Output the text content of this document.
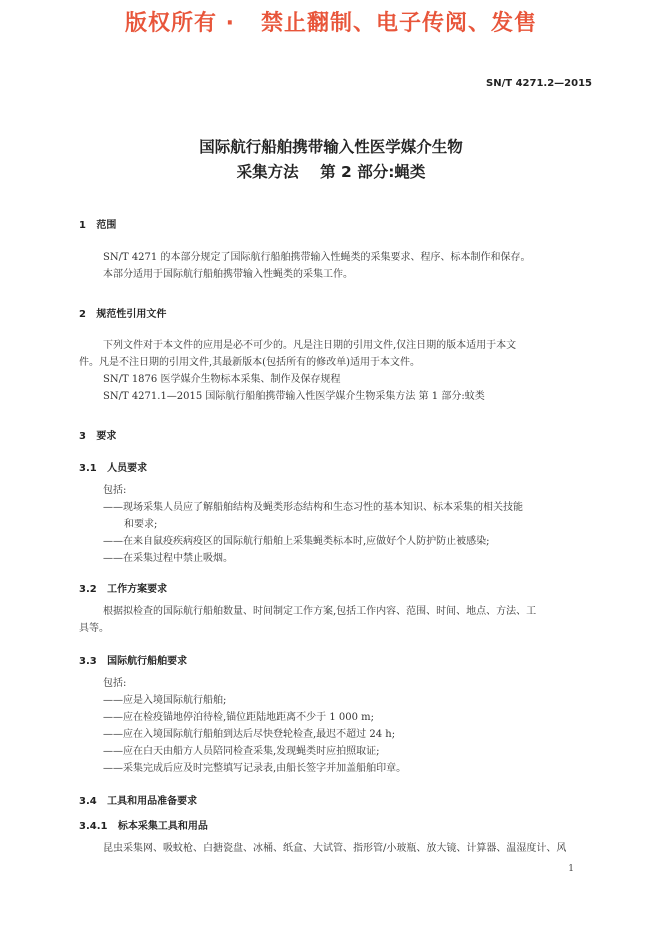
版权所有 ·   禁止翻制、电子传阅、发售
SN/T 4271.2—2015
国际航行船舶携带输入性医学媒介生物
采集方法    第 2 部分:蝇类
1   范围
SN/T 4271 的本部分规定了国际航行船舶携带输入性蝇类的采集要求、程序、标本制作和保存。
本部分适用于国际航行船舶携带输入性蝇类的采集工作。
2   规范性引用文件
下列文件对于本文件的应用是必不可少的。凡是注日期的引用文件,仅注日期的版本适用于本文
件。凡是不注日期的引用文件,其最新版本(包括所有的修改单)适用于本文件。
SN/T 1876 医学媒介生物标本采集、制作及保存规程
SN/T 4271.1—2015 国际航行船舶携带输入性医学媒介生物采集方法 第 1 部分:蚊类
3   要求
3.1   人员要求
包括:
——现场采集人员应了解船舶结构及蝇类形态结构和生态习性的基本知识、标本采集的相关技能
和要求;
——在来自鼠疫疾病疫区的国际航行船舶上采集蝇类标本时,应做好个人防护防止被感染;
——在采集过程中禁止吸烟。
3.2   工作方案要求
根据拟检查的国际航行船舶数量、时间制定工作方案,包括工作内容、范围、时间、地点、方法、工
具等。
3.3   国际航行船舶要求
包括:
——应是入境国际航行船舶;
——应在检疫锚地停泊待检,锚位距陆地距离不少于 1 000 m;
——应在入境国际航行船舶到达后尽快登轮检查,最迟不超过 24 h;
——应在白天由船方人员陪同检查采集,发现蝇类时应拍照取证;
——采集完成后应及时完整填写记录表,由船长签字并加盖船舶印章。
3.4   工具和用品准备要求
3.4.1   标本采集工具和用品
昆虫采集网、吸蚊枪、白搪瓷盘、冰桶、纸盒、大试管、指形管/小玻瓶、放大镜、计算器、温湿度计、风
1
